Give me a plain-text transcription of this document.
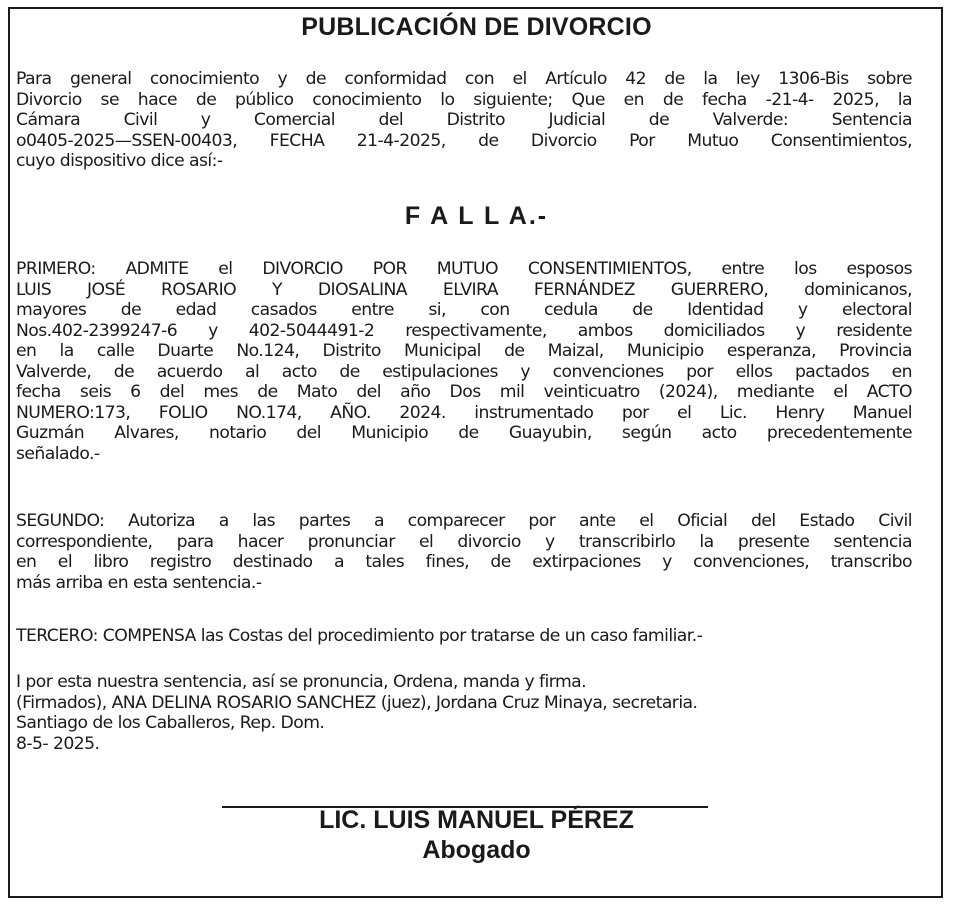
PUBLICACIÓN DE DIVORCIO
Para general conocimiento y de conformidad con el Artículo 42 de la ley 1306-Bis sobre
Divorcio se hace de público conocimiento lo siguiente; Que en de fecha -21-4- 2025, la
Cámara Civil y Comercial del Distrito Judicial de Valverde: Sentencia
o0405-2025—SSEN-00403, FECHA 21-4-2025, de Divorcio Por Mutuo Consentimientos,
cuyo dispositivo dice así:-
F A L L A.-
PRIMERO: ADMITE el DIVORCIO POR MUTUO CONSENTIMIENTOS, entre los esposos
LUIS JOSÉ ROSARIO Y DIOSALINA ELVIRA FERNÁNDEZ GUERRERO, dominicanos,
mayores de edad casados entre si, con cedula de Identidad y electoral
Nos.402-2399247-6 y 402-5044491-2 respectivamente, ambos domiciliados y residente
en la calle Duarte No.124, Distrito Municipal de Maizal, Municipio esperanza, Provincia
Valverde, de acuerdo al acto de estipulaciones y convenciones por ellos pactados en
fecha seis 6 del mes de Mato del año Dos mil veinticuatro (2024), mediante el ACTO
NUMERO:173, FOLIO NO.174, AÑO. 2024. instrumentado por el Lic. Henry Manuel
Guzmán Alvares, notario del Municipio de Guayubin, según acto precedentemente
señalado.-
SEGUNDO: Autoriza a las partes a comparecer por ante el Oficial del Estado Civil
correspondiente, para hacer pronunciar el divorcio y transcribirlo la presente sentencia
en el libro registro destinado a tales fines, de extirpaciones y convenciones, transcribo
más arriba en esta sentencia.-
TERCERO: COMPENSA las Costas del procedimiento por tratarse de un caso familiar.-
I por esta nuestra sentencia, así se pronuncia, Ordena, manda y firma.
(Firmados), ANA DELINA ROSARIO SANCHEZ (juez), Jordana Cruz Minaya, secretaria.
Santiago de los Caballeros, Rep. Dom.
8-5- 2025.
LIC. LUIS MANUEL PÉREZ
Abogado
